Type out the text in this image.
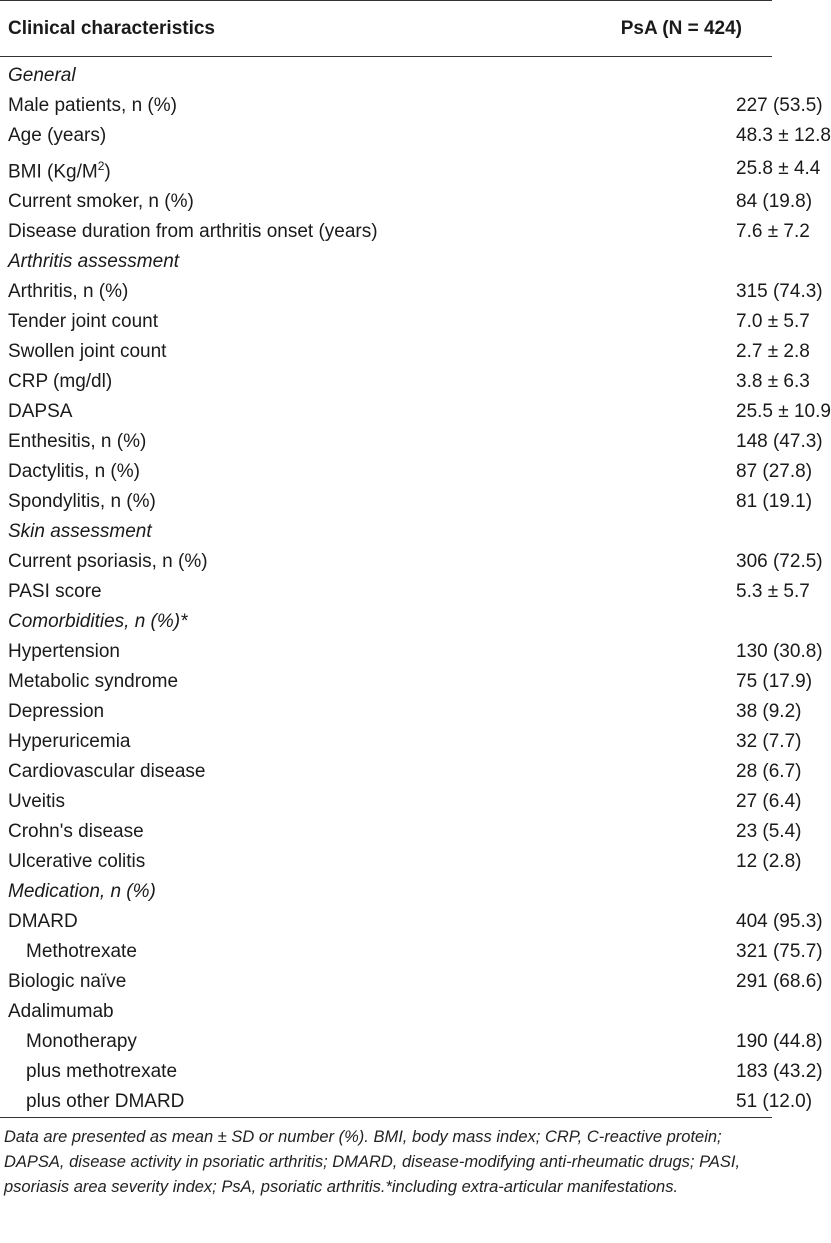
Clinical characteristics	PsA (N = 424)
General	
Male patients, n (%)	227 (53.5)
Age (years)	48.3 ± 12.8
BMI $(Kg/M^2)$	25.8 ± 4.4
Current smoker, n (%)	84 (19.8)
Disease duration from arthritis onset (years)	7.6 ± 7.2
Arthritis assessment	
Arthritis, n (%)	315 (74.3)
Tender joint count	7.0 ± 5.7
Swollen joint count	2.7 ± 2.8
CRP (mg/dl)	3.8 ± 6.3
DAPSA	25.5 ± 10.9
Enthesitis, n (%)	148 (47.3)
Dactylitis, n (%)	87 (27.8)
Spondylitis, n (%)	81 (19.1)
Skin assessment	
Current psoriasis, n (%)	306 (72.5)
PASI score	5.3 ± 5.7
Comorbidities, n (%)*	
Hypertension	130 (30.8)
Metabolic syndrome	75 (17.9)
Depression	38 (9.2)
Hyperuricemia	32 (7.7)
Cardiovascular disease	28 (6.7)
Uveitis	27 (6.4)
Crohn's disease	23 (5.4)
Ulcerative colitis	12 (2.8)
Medication, n (%)	
DMARD	404 (95.3)
Methotrexate	321 (75.7)
Biologic naïve	291 (68.6)
Adalimumab	
Monotherapy	190 (44.8)
plus methotrexate	183 (43.2)
plus other DMARD	51 (12.0)
Data are presented as mean ± SD or number (%). BMI, body mass index; CRP, C-reactive protein; DAPSA, disease activity in psoriatic arthritis; DMARD, disease-modifying anti-rheumatic drugs; PASI, psoriasis area severity index; PsA, psoriatic arthritis.*including extra-articular manifestations.
